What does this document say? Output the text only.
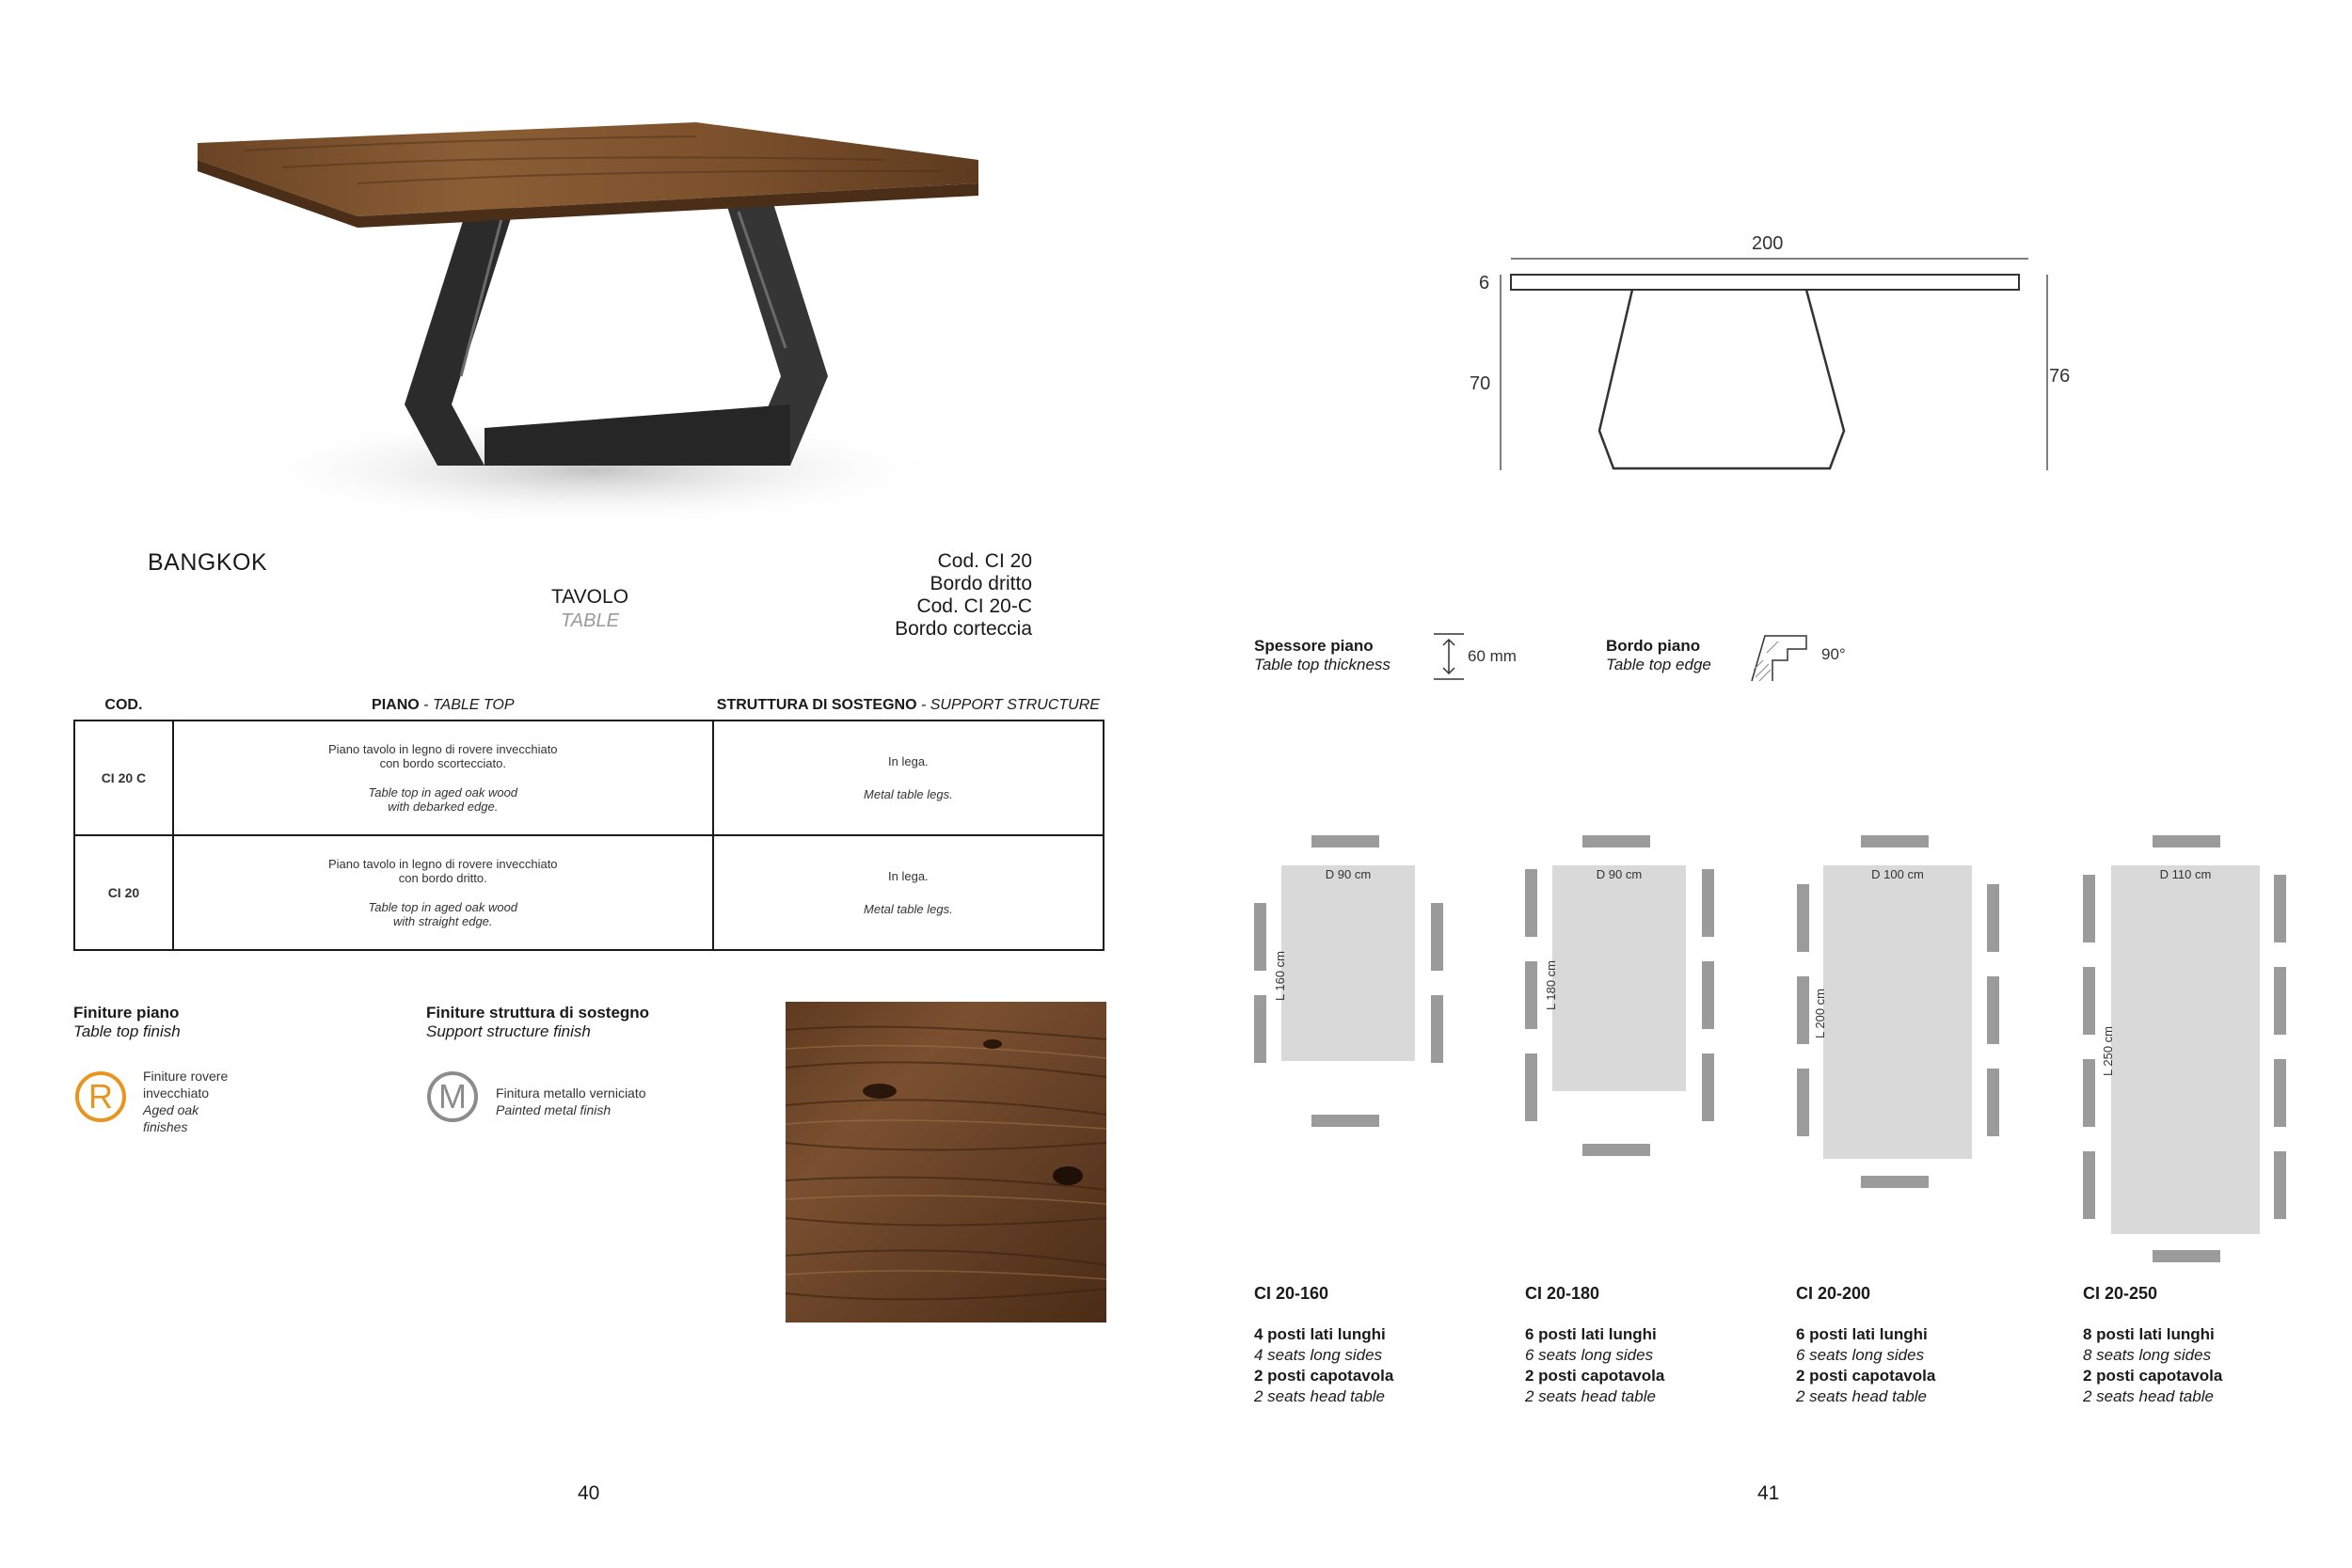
BANGKOK
TAVOLO
TABLE
Cod. CI 20
Bordo dritto
Cod. CI 20-C
Bordo corteccia
COD.	PIANO - TABLE TOP	STRUTTURA DI SOSTEGNO - SUPPORT STRUCTURE
CI 20 C	Piano tavolo in legno di rovere invecchiato
con bordo scortecciato.
Table top in aged oak wood
with debarked edge.	In lega.
Metal table legs.

CI 20	Piano tavolo in legno di rovere invecchiato
con bordo dritto.
Table top in aged oak wood
with straight edge.	In lega.
Metal table legs.
Finiture piano
Table top finish
R
Finiture rovere
invecchiato
Aged oak
finishes
Finiture struttura di sostegno
Support structure finish
M	Finitura metallo verniciato
Painted metal finish
40
200
6
70	76
Spessore piano
Table top thickness	60 mm
Bordo piano
Table top edge
90°
D 90 cm
L 160 cm
D 90 cm
L 180 cm
D 100 cm
L 200 cm
D 110 cm
L 250 cm
CI 20-160
4 posti lati lunghi
4 seats long sides
2 posti capotavola
2 seats head table
CI 20-180
6 posti lati lunghi
6 seats long sides
2 posti capotavola
2 seats head table
CI 20-200
6 posti lati lunghi
6 seats long sides
2 posti capotavola
2 seats head table
CI 20-250
8 posti lati lunghi
8 seats long sides
2 posti capotavola
2 seats head table
41
